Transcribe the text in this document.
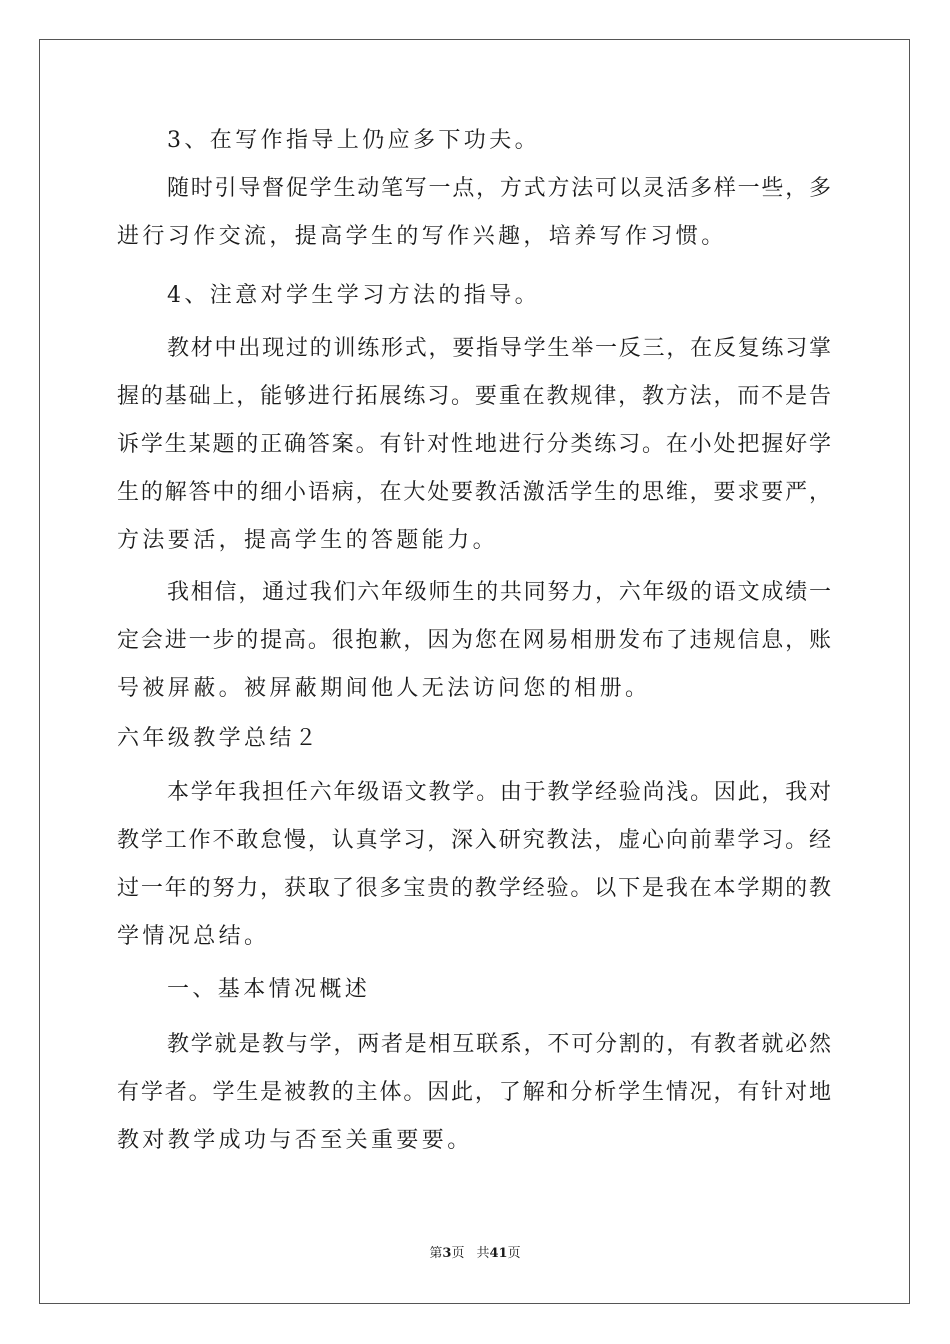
3、在写作指导上仍应多下功夫。
随时引导督促学生动笔写一点，方式方法可以灵活多样一些，多
进行习作交流，提高学生的写作兴趣，培养写作习惯。
4、注意对学生学习方法的指导。
教材中出现过的训练形式，要指导学生举一反三，在反复练习掌
握的基础上，能够进行拓展练习。要重在教规律，教方法，而不是告
诉学生某题的正确答案。有针对性地进行分类练习。在小处把握好学
生的解答中的细小语病，在大处要教活激活学生的思维，要求要严，
方法要活，提高学生的答题能力。
我相信，通过我们六年级师生的共同努力，六年级的语文成绩一
定会进一步的提高。很抱歉，因为您在网易相册发布了违规信息，账
号被屏蔽。被屏蔽期间他人无法访问您的相册。
六年级教学总结２
本学年我担任六年级语文教学。由于教学经验尚浅。因此，我对
教学工作不敢怠慢，认真学习，深入研究教法，虚心向前辈学习。经
过一年的努力，获取了很多宝贵的教学经验。以下是我在本学期的教
学情况总结。
一、基本情况概述
教学就是教与学，两者是相互联系，不可分割的，有教者就必然
有学者。学生是被教的主体。因此，了解和分析学生情况，有针对地
教对教学成功与否至关重要要。
第3页 共41页
